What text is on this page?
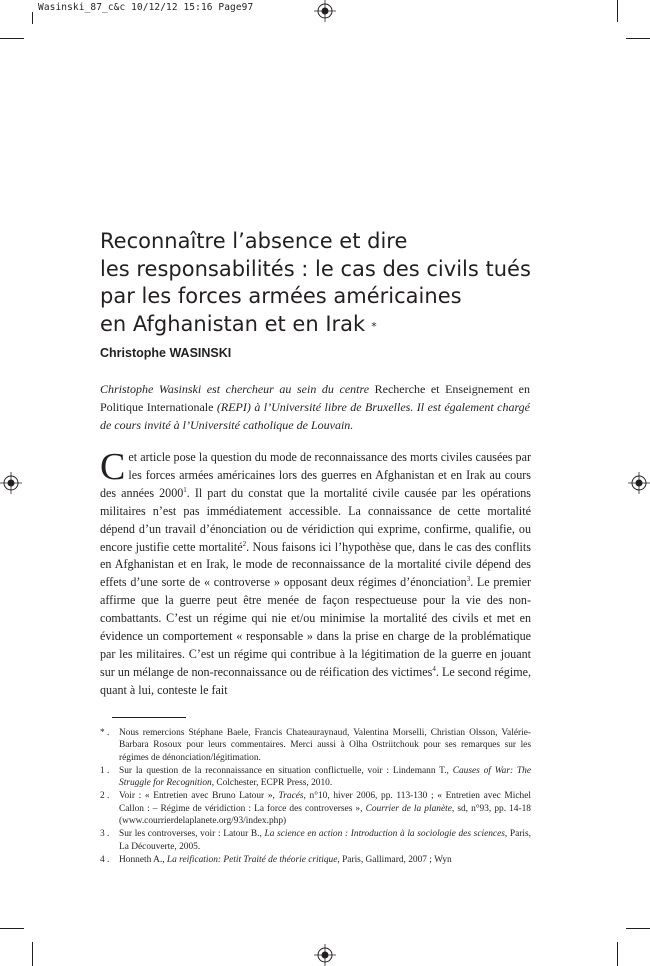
Wasinski_87_c&c 10/12/12 15:16 Page97
Reconnaître l’absence et dire
les responsabilités : le cas des civils tués
par les forces armées américaines
en Afghanistan et en Irak *
Christophe WASINSKI
Christophe Wasinski est chercheur au sein du centre Recherche et Enseignement en Politique Internationale (REPI) à l’Université libre de Bruxelles. Il est également chargé de cours invité à l’Université catholique de Louvain.
Cet article pose la question du mode de reconnaissance des morts civiles causées par les forces armées américaines lors des guerres en Afghanistan et en Irak au cours des années 2000$^1$. Il part du constat que la mortalité civile causée par les opérations militaires n’est pas immédiatement accessible. La connaissance de cette mortalité dépend d’un travail d’énonciation ou de véridiction qui exprime, confirme, qualifie, ou encore justifie cette mortalité$^2$. Nous faisons ici l’hypothèse que, dans le cas des conflits en Afghanistan et en Irak, le mode de reconnaissance de la mortalité civile dépend des effets d’une sorte de « controverse » opposant deux régimes d’énonciation$^3$. Le premier affirme que la guerre peut être menée de façon respectueuse pour la vie des non-combattants. C’est un régime qui nie et/ou minimise la mortalité des civils et met en évidence un comportement « responsable » dans la prise en charge de la problématique par les militaires. C’est un régime qui contribue à la légitimation de la guerre en jouant sur un mélange de non-reconnaissance ou de réification des victimes$^4$. Le second régime, quant à lui, conteste le fait
* . Nous remercions Stéphane Baele, Francis Chateauraynaud, Valentina Morselli, Christian Olsson, Valérie-Barbara Rosoux pour leurs commentaires. Merci aussi à Olha Ostriitchouk pour ses remarques sur les régimes de dénonciation/légitimation.
1 . Sur la question de la reconnaissance en situation conflictuelle, voir : Lindemann T., Causes of War: The Struggle for Recognition, Colchester, ECPR Press, 2010.
2 . Voir : « Entretien avec Bruno Latour », Tracés, n°10, hiver 2006, pp. 113-130 ; « Entretien avec Michel Callon : – Régime de véridiction : La force des controverses », Courrier de la planète, sd, n°93, pp. 14-18 (www.courrierdelaplanete.org/93/index.php)
3 . Sur les controverses, voir : Latour B., La science en action : Introduction à la sociologie des sciences, Paris, La Découverte, 2005.
4 . Honneth A., La reification: Petit Traité de théorie critique, Paris, Gallimard, 2007 ; Wyn
